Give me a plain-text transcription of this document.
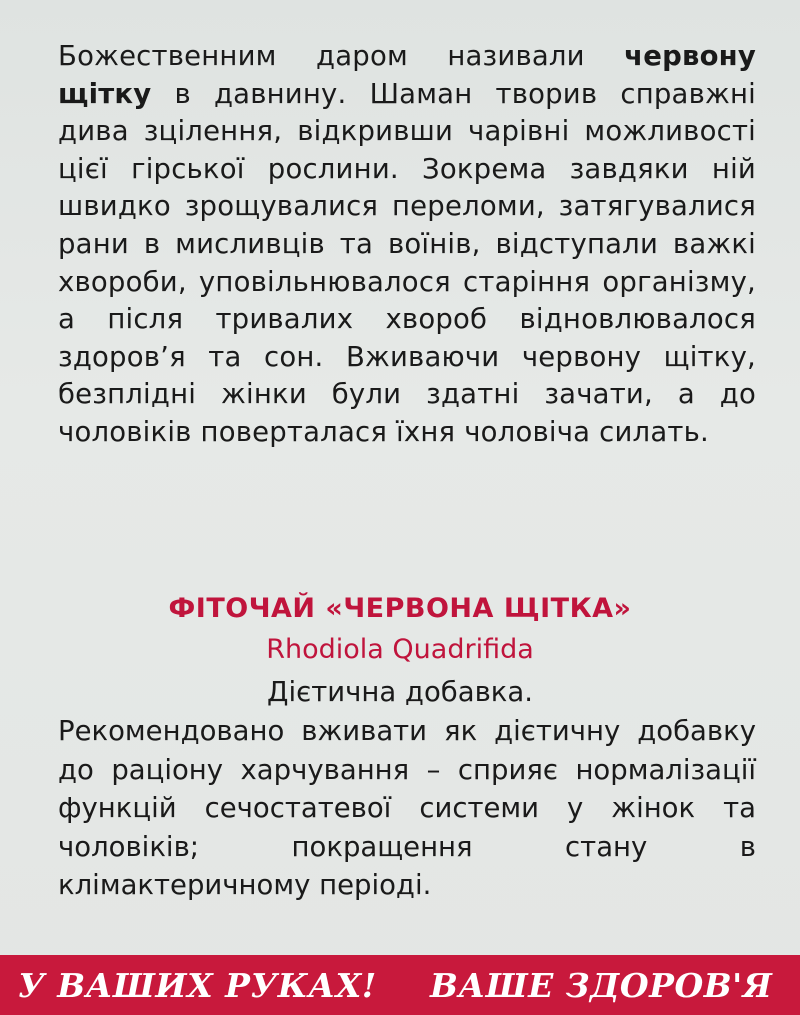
Божественним даром називали червону щітку в давнину. Шаман творив справжні дива зцілення, відкривши чарівні можливості цієї гірської рослини. Зокрема завдяки ній швидко зрощувалися переломи, затягувалися рани в мисливців та воїнів, відступали важкі хвороби, уповільнювалося старіння організму, а після тривалих хвороб відновлювалося здоров’я та сон. Вживаючи червону щітку, безплідні жінки були здатні зачати, а до чоловіків поверталася їхня чоловіча силать.

ФІТОЧАЙ «ЧЕРВОНА ЩІТКА»

Rhodiola Quadrifida

Дієтична добавка.

Рекомендовано вживати як дієтичну добавку до раціону харчування – сприяє нормалізації функцій сечостатевої системи у жінок та чоловіків; покращення стану в клімактеричному періоді.

У ВАШИХ РУКАХ! ВАШЕ ЗДОРОВ'Я
